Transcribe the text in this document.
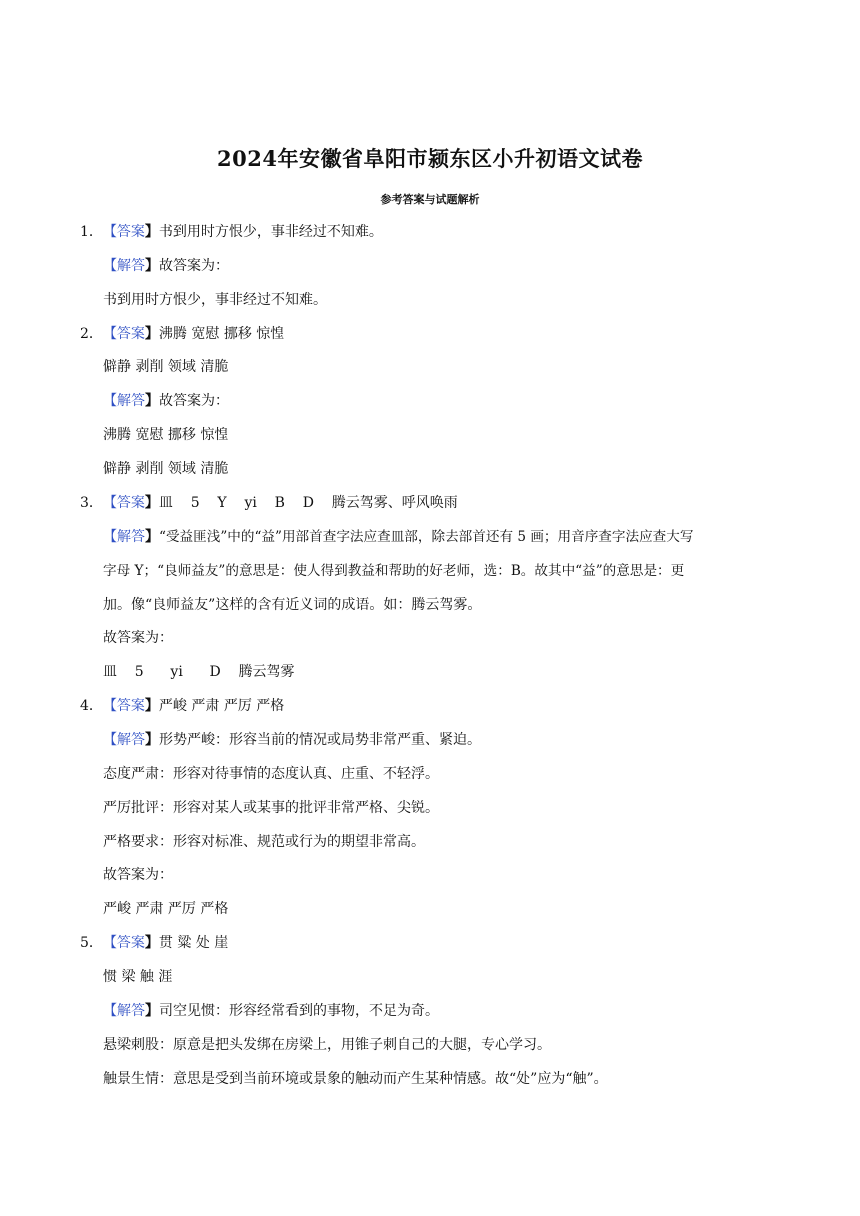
2024年安徽省阜阳市颍东区小升初语文试卷
参考答案与试题解析
1．【答案】书到用时方恨少，事非经过不知难。
【解答】故答案为：
书到用时方恨少，事非经过不知难。
2．【答案】沸腾 宽慰 挪移 惊惶
僻静 剥削 领域 清脆
【解答】故答案为：
沸腾 宽慰 挪移 惊惶
僻静 剥削 领域 清脆
3．【答案】皿    5    Y    yi    B    D    腾云驾雾、呼风唤雨
【解答】“受益匪浅”中的“益”用部首查字法应查皿部，除去部首还有 5 画；用音序查字法应查大写
字母 Y；“良师益友”的意思是：使人得到教益和帮助的好老师，选：B。故其中“益”的意思是：更
加。像“良师益友”这样的含有近义词的成语。如：腾云驾雾。
故答案为：
皿    5      yi      D    腾云驾雾
4．【答案】严峻 严肃 严厉 严格
【解答】形势严峻：形容当前的情况或局势非常严重、紧迫。
态度严肃：形容对待事情的态度认真、庄重、不轻浮。
严厉批评：形容对某人或某事的批评非常严格、尖锐。
严格要求：形容对标准、规范或行为的期望非常高。
故答案为：
严峻 严肃 严厉 严格
5．【答案】贯 粱 处 崖
惯 梁 触 涯
【解答】司空见惯：形容经常看到的事物，不足为奇。
悬梁刺股：原意是把头发绑在房梁上，用锥子刺自己的大腿，专心学习。
触景生情：意思是受到当前环境或景象的触动而产生某种情感。故“处”应为“触”。
